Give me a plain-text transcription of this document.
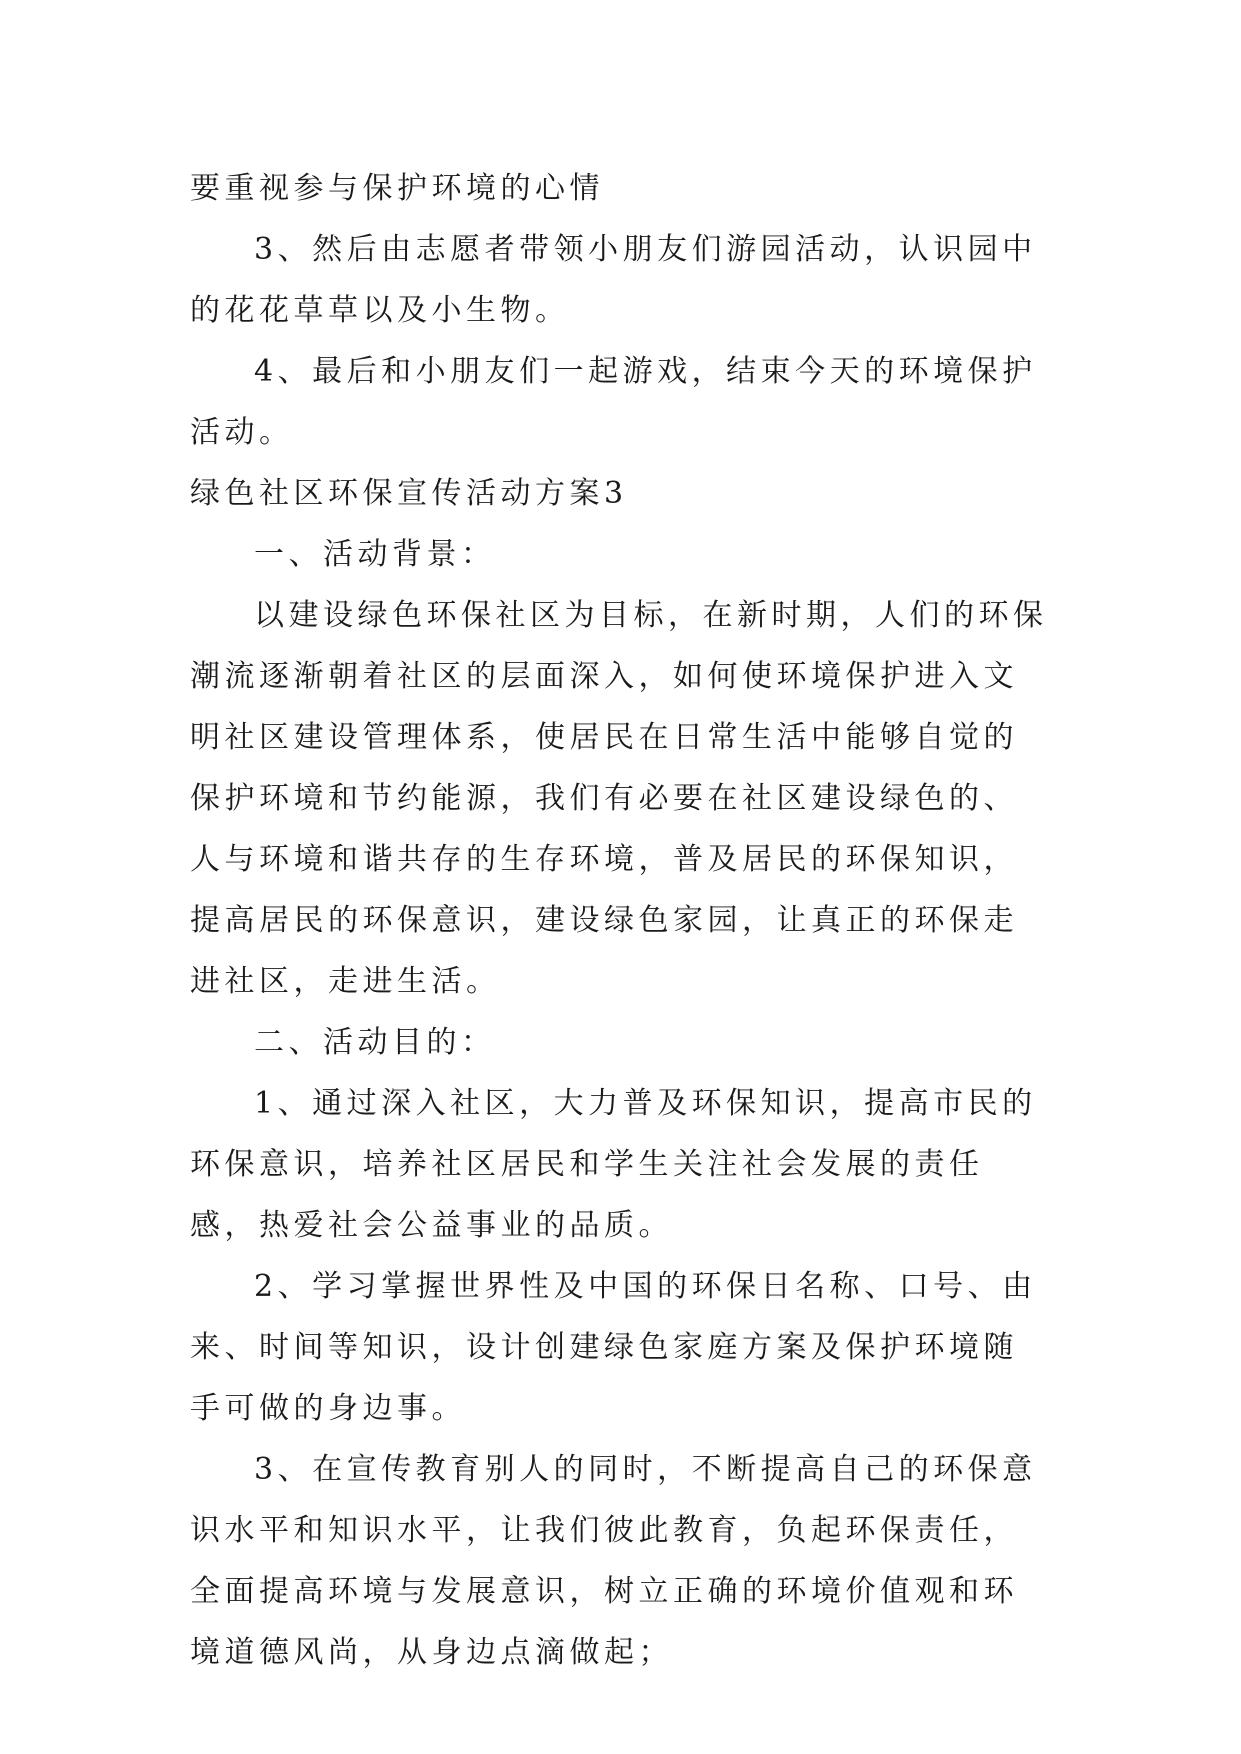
要重视参与保护环境的心情

3、然后由志愿者带领小朋友们游园活动，认识园中的花花草草以及小生物。

4、最后和小朋友们一起游戏，结束今天的环境保护活动。

绿色社区环保宣传活动方案3

一、活动背景：

以建设绿色环保社区为目标，在新时期，人们的环保潮流逐渐朝着社区的层面深入，如何使环境保护进入文明社区建设管理体系，使居民在日常生活中能够自觉的保护环境和节约能源，我们有必要在社区建设绿色的、人与环境和谐共存的生存环境，普及居民的环保知识，提高居民的环保意识，建设绿色家园，让真正的环保走进社区，走进生活。

二、活动目的：

1、通过深入社区，大力普及环保知识，提高市民的环保意识，培养社区居民和学生关注社会发展的责任感，热爱社会公益事业的品质。

2、学习掌握世界性及中国的环保日名称、口号、由来、时间等知识，设计创建绿色家庭方案及保护环境随手可做的身边事。

3、在宣传教育别人的同时，不断提高自己的环保意识水平和知识水平，让我们彼此教育，负起环保责任，全面提高环境与发展意识，树立正确的环境价值观和环境道德风尚，从身边点滴做起；
